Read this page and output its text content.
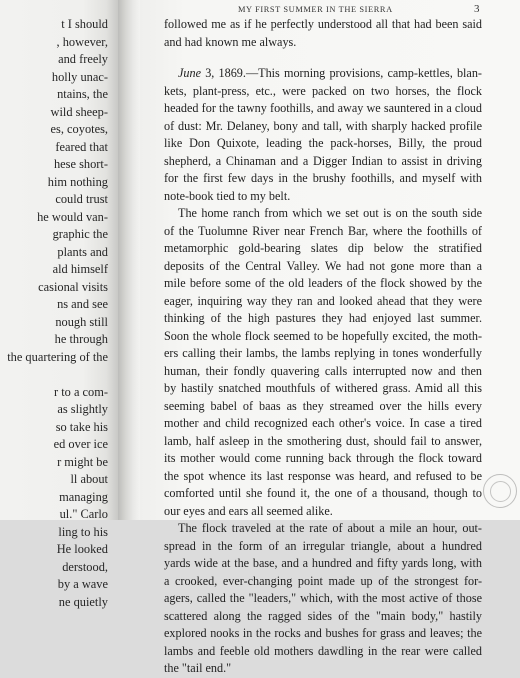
t I should
, however,
and freely
holly unac-
ntains, the
wild sheep-
es, coyotes,
feared that
hese short-
him nothing
could trust
he would van-
graphic the
plants and
ald himself
casional visits
ns and see
nough still
he through
the quartering of the
r to a com-
as slightly
so take his
ed over ice
r might be
ll about
managing
ul." Carlo
ling to his
He looked
derstood,
by a wave
ne quietly
MY FIRST SUMMER IN THE SIERRA	3
followed me as if he perfectly understood all that had been said
and had known me always.
June 3, 1869.—This morning provisions, camp-kettles, blan-
kets, plant-press, etc., were packed on two horses, the flock
headed for the tawny foothills, and away we sauntered in a cloud
of dust: Mr. Delaney, bony and tall, with sharply hacked profile
like Don Quixote, leading the pack-horses, Billy, the proud
shepherd, a Chinaman and a Digger Indian to assist in driving
for the first few days in the brushy foothills, and myself with
note-book tied to my belt.
The home ranch from which we set out is on the south side
of the Tuolumne River near French Bar, where the foothills of
metamorphic gold-bearing slates dip below the stratified
deposits of the Central Valley. We had not gone more than a
mile before some of the old leaders of the flock showed by the
eager, inquiring way they ran and looked ahead that they were
thinking of the high pastures they had enjoyed last summer.
Soon the whole flock seemed to be hopefully excited, the moth-
ers calling their lambs, the lambs replying in tones wonderfully
human, their fondly quavering calls interrupted now and then
by hastily snatched mouthfuls of withered grass. Amid all this
seeming babel of baas as they streamed over the hills every
mother and child recognized each other's voice. In case a tired
lamb, half asleep in the smothering dust, should fail to answer,
its mother would come running back through the flock toward
the spot whence its last response was heard, and refused to be
comforted until she found it, the one of a thousand, though to
our eyes and ears all seemed alike.
The flock traveled at the rate of about a mile an hour, out-
spread in the form of an irregular triangle, about a hundred
yards wide at the base, and a hundred and fifty yards long, with
a crooked, ever-changing point made up of the strongest for-
agers, called the "leaders," which, with the most active of those
scattered along the ragged sides of the "main body," hastily
explored nooks in the rocks and bushes for grass and leaves; the
lambs and feeble old mothers dawdling in the rear were called
the "tail end."
